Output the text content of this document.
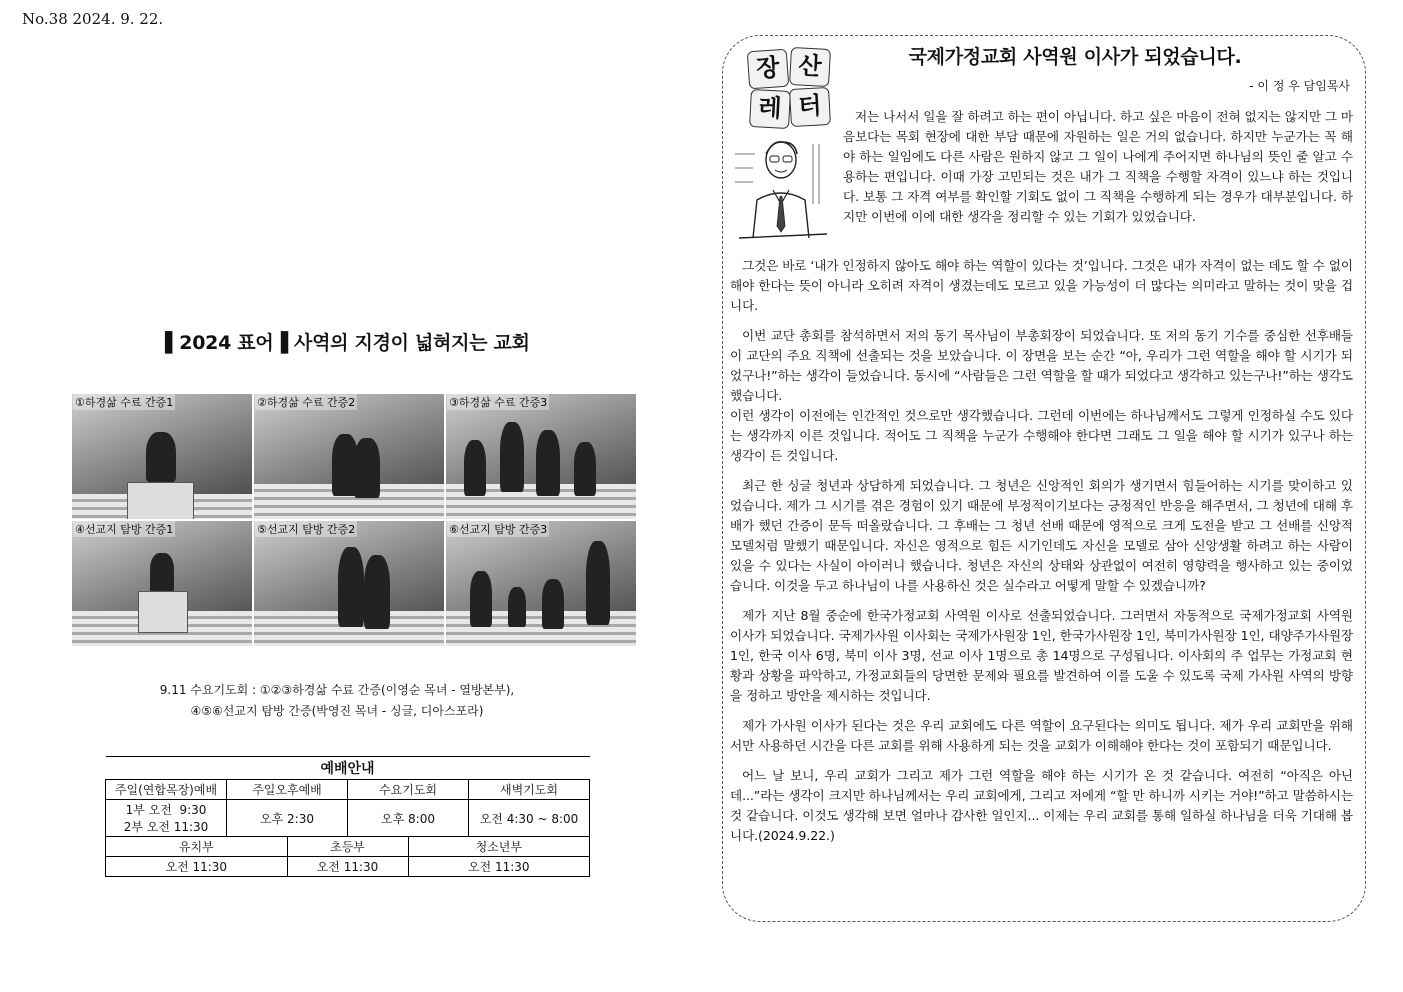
No.38 2024. 9. 22.
▌2024 표어▐ 사역의 지경이 넓혀지는 교회
①하경삶 수료 간증1	②하경삶 수료 간증2	③하경삶 수료 간증3
④선교지 탐방 간증1	⑤선교지 탐방 간증2	⑥선교지 탐방 간증3
9.11 수요기도회 : ①②③하경삶 수료 간증(이영순 목녀 - 열방본부),
④⑤⑥선교지 탐방 간증(박영진 목녀 - 싱글, 디아스포라)
예배안내					
주일(연합목장)예배	주일오후예배		수요기도회		새벽기도회

1부 오전  9:30
2부 오전 11:30	오후 2:30		오후 8:00		오전 4:30 ~ 8:00
유치부		초등부		청소년부	
오전 11:30		오전 11:30		오전 11:30	
장 산
레 터
국제가정교회 사역원 이사가 되었습니다.
- 이 정 우 담임목사

저는 나서서 일을 잘 하려고 하는 편이 아닙니다. 하고 싶은 마음이 전혀 없지는 않지만 그 마음보다는 목회 현장에 대한 부담 때문에 자원하는 일은 거의 없습니다. 하지만 누군가는 꼭 해야 하는 일임에도 다른 사람은 원하지 않고 그 일이 나에게 주어지면 하나님의 뜻인 줄 알고 수용하는 편입니다. 이때 가장 고민되는 것은 내가 그 직책을 수행할 자격이 있느냐 하는 것입니다. 보통 그 자격 여부를 확인할 기회도 없이 그 직책을 수행하게 되는 경우가 대부분입니다. 하지만 이번에 이에 대한 생각을 정리할 수 있는 기회가 있었습니다.

그것은 바로 ‘내가 인정하지 않아도 해야 하는 역할이 있다는 것’입니다. 그것은 내가 자격이 없는 데도 할 수 없이 해야 한다는 뜻이 아니라 오히려 자격이 생겼는데도 모르고 있을 가능성이 더 많다는 의미라고 말하는 것이 맞을 겁니다.

이번 교단 총회를 참석하면서 저의 동기 목사님이 부총회장이 되었습니다. 또 저의 동기 기수를 중심한 선후배들이 교단의 주요 직책에 선출되는 것을 보았습니다. 이 장면을 보는 순간 “아, 우리가 그런 역할을 해야 할 시기가 되었구나!”하는 생각이 들었습니다. 동시에 “사람들은 그런 역할을 할 때가 되었다고 생각하고 있는구나!”하는 생각도 했습니다.

이런 생각이 이전에는 인간적인 것으로만 생각했습니다. 그런데 이번에는 하나님께서도 그렇게 인정하실 수도 있다는 생각까지 이른 것입니다. 적어도 그 직책을 누군가 수행해야 한다면 그래도 그 일을 해야 할 시기가 있구나 하는 생각이 든 것입니다.

최근 한 싱글 청년과 상담하게 되었습니다. 그 청년은 신앙적인 회의가 생기면서 힘들어하는 시기를 맞이하고 있었습니다. 제가 그 시기를 겪은 경험이 있기 때문에 부정적이기보다는 긍정적인 반응을 해주면서, 그 청년에 대해 후배가 했던 간증이 문득 떠올랐습니다. 그 후배는 그 청년 선배 때문에 영적으로 크게 도전을 받고 그 선배를 신앙적 모델처럼 말했기 때문입니다. 자신은 영적으로 힘든 시기인데도 자신을 모델로 삼아 신앙생활 하려고 하는 사람이 있을 수 있다는 사실이 아이러니 했습니다. 청년은 자신의 상태와 상관없이 여전히 영향력을 행사하고 있는 중이었습니다. 이것을 두고 하나님이 나를 사용하신 것은 실수라고 어떻게 말할 수 있겠습니까?

제가 지난 8월 중순에 한국가정교회 사역원 이사로 선출되었습니다. 그러면서 자동적으로 국제가정교회 사역원 이사가 되었습니다. 국제가사원 이사회는 국제가사원장 1인, 한국가사원장 1인, 북미가사원장 1인, 대양주가사원장 1인, 한국 이사 6명, 북미 이사 3명, 선교 이사 1명으로 총 14명으로 구성됩니다. 이사회의 주 업무는 가정교회 현황과 상황을 파악하고, 가정교회들의 당면한 문제와 필요를 발견하여 이를 도울 수 있도록 국제 가사원 사역의 방향을 정하고 방안을 제시하는 것입니다.

제가 가사원 이사가 된다는 것은 우리 교회에도 다른 역할이 요구된다는 의미도 됩니다. 제가 우리 교회만을 위해서만 사용하던 시간을 다른 교회를 위해 사용하게 되는 것을 교회가 이해해야 한다는 것이 포함되기 때문입니다.

어느 날 보니, 우리 교회가 그리고 제가 그런 역할을 해야 하는 시기가 온 것 같습니다. 여전히 “아직은 아닌데...”라는 생각이 크지만 하나님께서는 우리 교회에게, 그리고 저에게 “할 만 하니까 시키는 거야!”하고 말씀하시는 것 같습니다. 이것도 생각해 보면 얼마나 감사한 일인지... 이제는 우리 교회를 통해 일하실 하나님을 더욱 기대해 봅니다.(2024.9.22.)
